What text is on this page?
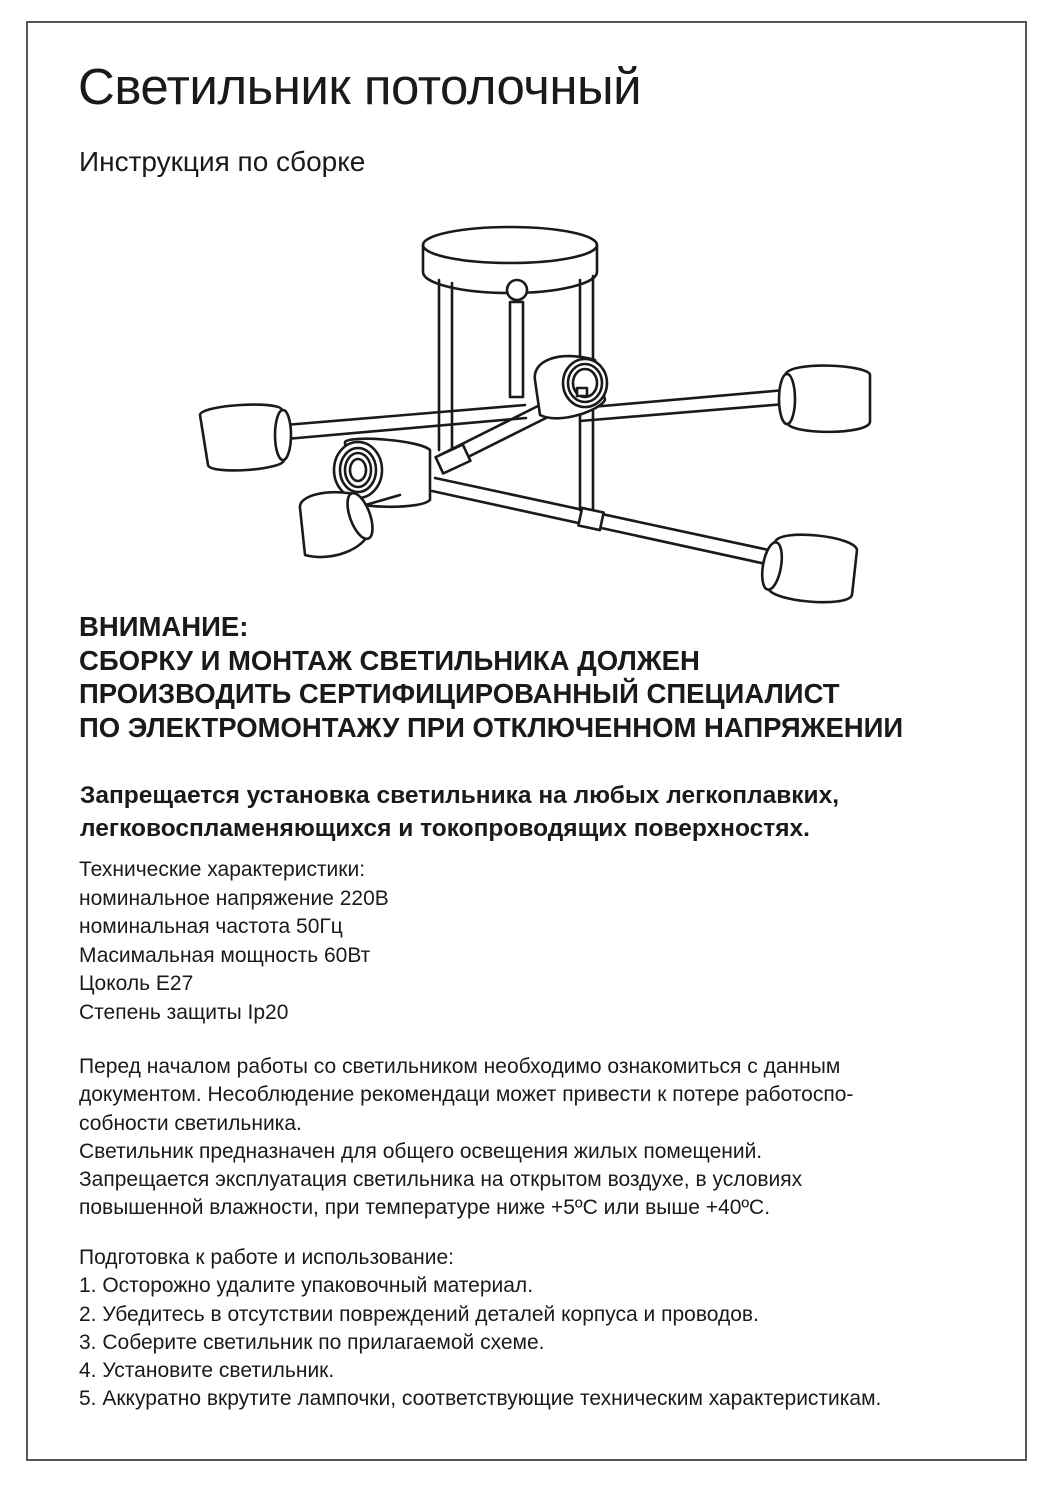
Светильник потолочный
Инструкция по сборке
ВНИМАНИЕ:
СБОРКУ И МОНТАЖ СВЕТИЛЬНИКА ДОЛЖЕН
ПРОИЗВОДИТЬ СЕРТИФИЦИРОВАННЫЙ СПЕЦИАЛИСТ
ПО ЭЛЕКТРОМОНТАЖУ ПРИ ОТКЛЮЧЕННОМ НАПРЯЖЕНИИ
Запрещается установка светильника на любых легкоплавких,
легковоспламеняющихся и токопроводящих поверхностях.
Технические характеристики:
номинальное напряжение 220В
номинальная частота 50Гц
Масимальная мощность 60Вт
Цоколь Е27
Степень защиты Ip20
Перед началом работы со светильником необходимо ознакомиться с данным
документом. Несоблюдение рекомендаци может привести к потере работоспо-
собности светильника.
Светильник предназначен для общего освещения жилых помещений.
Запрещается эксплуатация светильника на открытом воздухе, в условиях
повышенной влажности, при температуре ниже +5ºС или выше +40ºС.
Подготовка к работе и использование:
1. Осторожно удалите упаковочный материал.
2. Убедитесь в отсутствии повреждений деталей корпуса и проводов.
3. Соберите светильник по прилагаемой схеме.
4. Установите светильник.
5. Аккуратно вкрутите лампочки, соответствующие техническим характеристикам.
